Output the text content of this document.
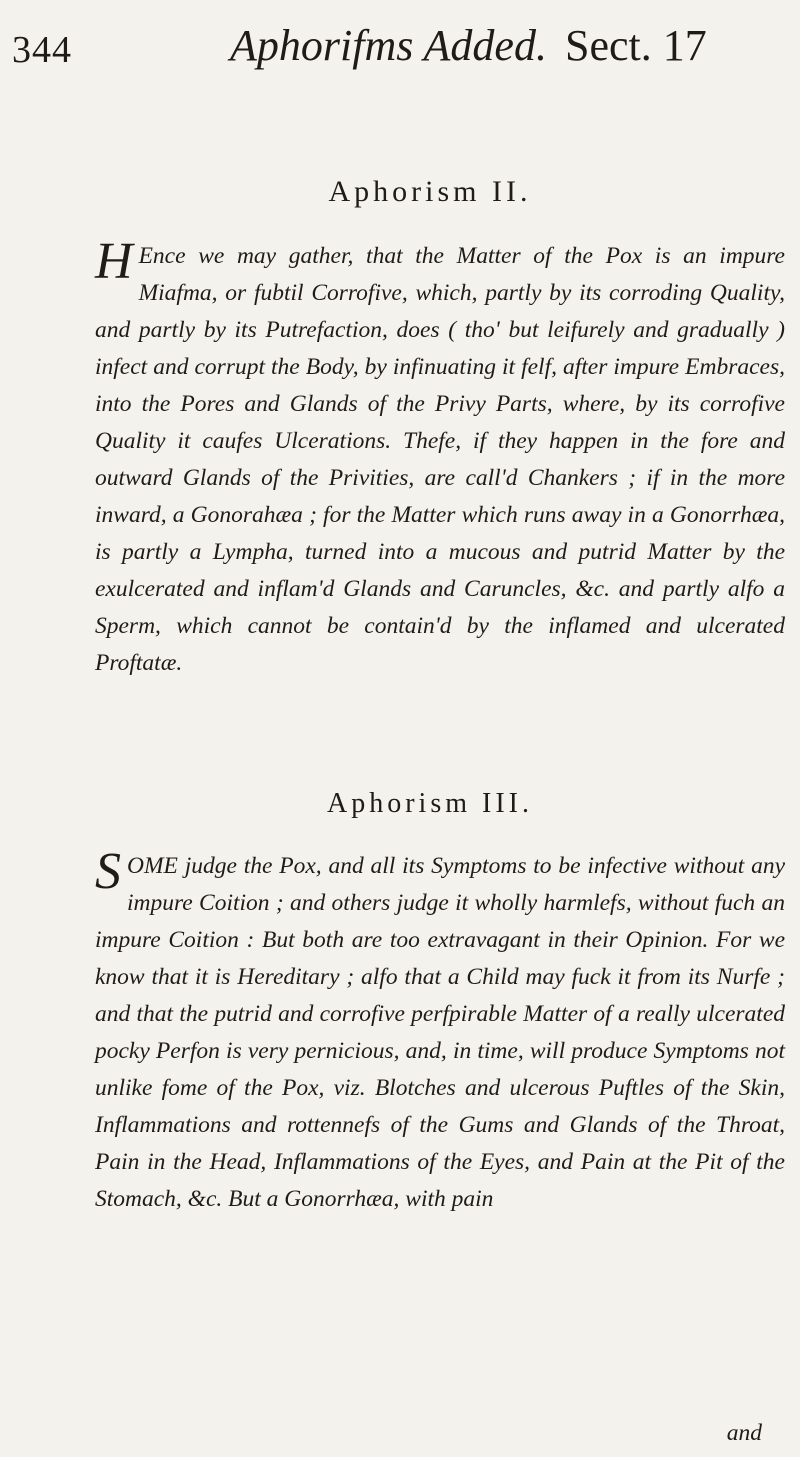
344	Aphorifms Added. Sect. 17
Aphorism II.
H Ence we may gather, that the Matter of the Pox is an impure Miafma, or fubtil Corrofive, which, partly by its corroding Quality, and partly by its Putrefaction, does ( tho' but leifurely and gradually ) infect and corrupt the Body, by infinuating it felf, after impure Embraces, into the Pores and Glands of the Privy Parts, where, by its corrofive Quality it caufes Ulcerations. Thefe, if they happen in the fore and outward Glands of the Privities, are call'd Chankers ; if in the more inward, a Gonorahæa ; for the Matter which runs away in a Gonorrhæa, is partly a Lympha, turned into a mucous and putrid Matter by the exulcerated and inflam'd Glands and Caruncles, &c. and partly alfo a Sperm, which cannot be contain'd by the inflamed and ulcerated Proftatæ.
Aphorism III.
S OME judge the Pox, and all its Symptoms to be infective without any impure Coition ; and others judge it wholly harmlefs, without fuch an impure Coition : But both are too extravagant in their Opinion. For we know that it is Hereditary ; alfo that a Child may fuck it from its Nurfe ; and that the putrid and corrofive perfpirable Matter of a really ulcerated pocky Perfon is very pernicious, and, in time, will produce Symptoms not unlike fome of the Pox, viz. Blotches and ulcerous Puftles of the Skin, Inflammations and rottennefs of the Gums and Glands of the Throat, Pain in the Head, Inflammations of the Eyes, and Pain at the Pit of the Stomach, &c. But a Gonorrhæa, with pain
and
